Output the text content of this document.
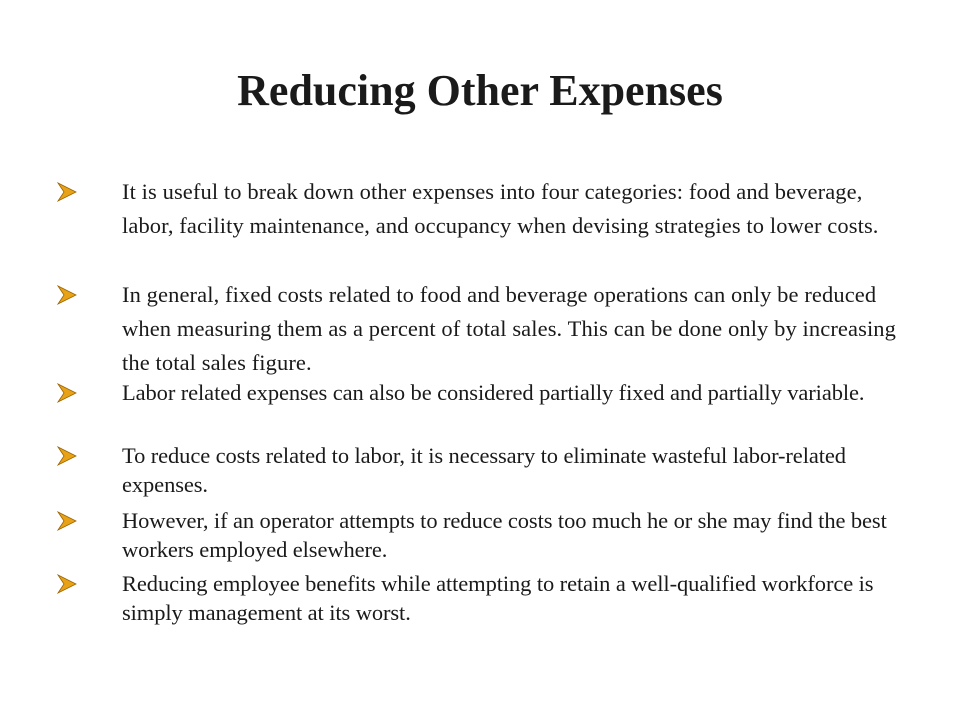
Reducing Other Expenses
It is useful to break down other expenses into four categories: food and beverage, labor, facility maintenance, and occupancy when devising strategies to lower costs.
In general, fixed costs related to food and beverage operations can only be reduced when measuring them as a percent of total sales. This can be done only by increasing the total sales figure.
Labor related expenses can also be considered partially fixed and partially variable.
To reduce costs related to labor, it is necessary to eliminate wasteful labor-related expenses.
However, if an operator attempts to reduce costs too much he or she may find the best workers employed elsewhere.
Reducing employee benefits while attempting to retain a well-qualified workforce is simply management at its worst.
